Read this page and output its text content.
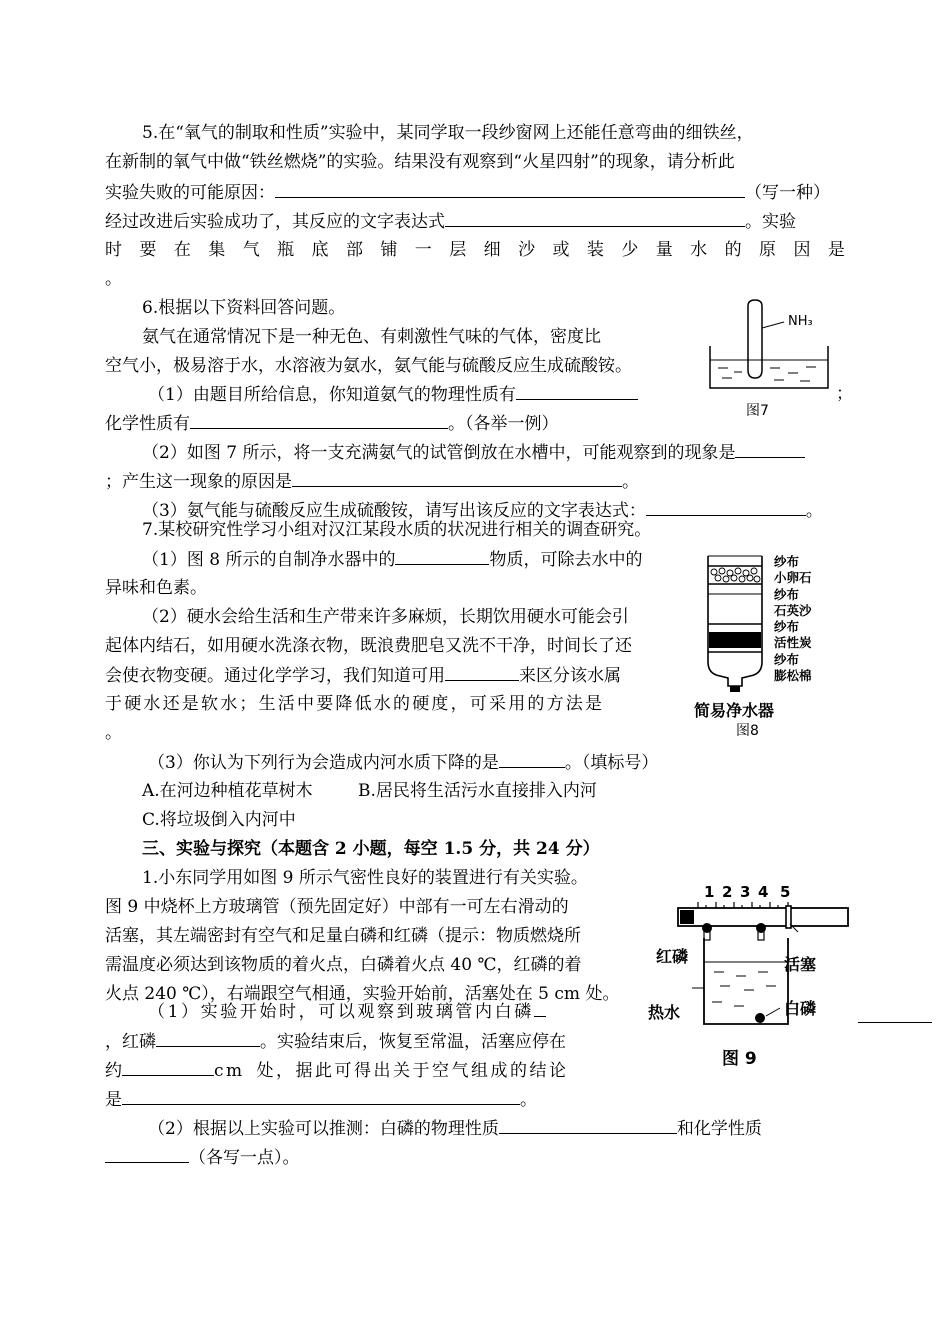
5.在“氧气的制取和性质”实验中，某同学取一段纱窗网上还能任意弯曲的细铁丝，
在新制的氧气中做“铁丝燃烧”的实验。结果没有观察到“火星四射”的现象，请分析此
实验失败的可能原因：	（写一种）
经过改进后实验成功了，其反应的文字表达式	。实验
时 要 在 集 气 瓶 底 部 铺 一 层 细 沙 或 装 少 量 水 的 原 因 是
。
6.根据以下资料回答问题。
氨气在通常情况下是一种无色、有刺激性气味的气体，密度比
空气小，极易溶于水，水溶液为氨水，氨气能与硫酸反应生成硫酸铵。
（1）由题目所给信息，你知道氨气的物理性质有	；
化学性质有	。（各举一例）
（2）如图 7 所示，将一支充满氨气的试管倒放在水槽中，可能观察到的现象是
；产生这一现象的原因是	。
（3）氨气能与硫酸反应生成硫酸铵，请写出该反应的文字表达式：	。
NH₃
图7
7.某校研究性学习小组对汉江某段水质的状况进行相关的调查研究。
（1）图 8 所示的自制净水器中的	物质，可除去水中的
异味和色素。
（2）硬水会给生活和生产带来许多麻烦，长期饮用硬水可能会引
起体内结石，如用硬水洗涤衣物，既浪费肥皂又洗不干净，时间长了还
会使衣物变硬。通过化学学习，我们知道可用	来区分该水属
于硬水还是软水；生活中要降低水的硬度，可采用的方法是
。
（3）你认为下列行为会造成内河水质下降的是	。（填标号）
A.在河边种植花草树木	B.居民将生活污水直接排入内河
C.将垃圾倒入内河中
纱布
小卵石
纱布
石英沙
纱布
活性炭
纱布
膨松棉
简易净水器
图8
三、实验与探究（本题含 2 小题，每空 1.5 分，共 24 分）
1.小东同学用如图 9 所示气密性良好的装置进行有关实验。
图 9 中烧杯上方玻璃管（预先固定好）中部有一可左右滑动的
活塞，其左端密封有空气和足量白磷和红磷（提示：物质燃烧所
需温度必须达到该物质的着火点，白磷着火点 40 ℃，红磷的着
火点 240 ℃），右端跟空气相通，实验开始前，活塞处在 5 cm 处。
（1）实验开始时，可以观察到玻璃管内白磷
，红磷	。实验结束后，恢复至常温，活塞应停在
约	cm 处，据此可得出关于空气组成的结论
是	。
（2）根据以上实验可以推测：白磷的物理性质	和化学性质
（各写一点）。
1 2 3 4 5
红磷	活塞
热水	白磷
图 9
